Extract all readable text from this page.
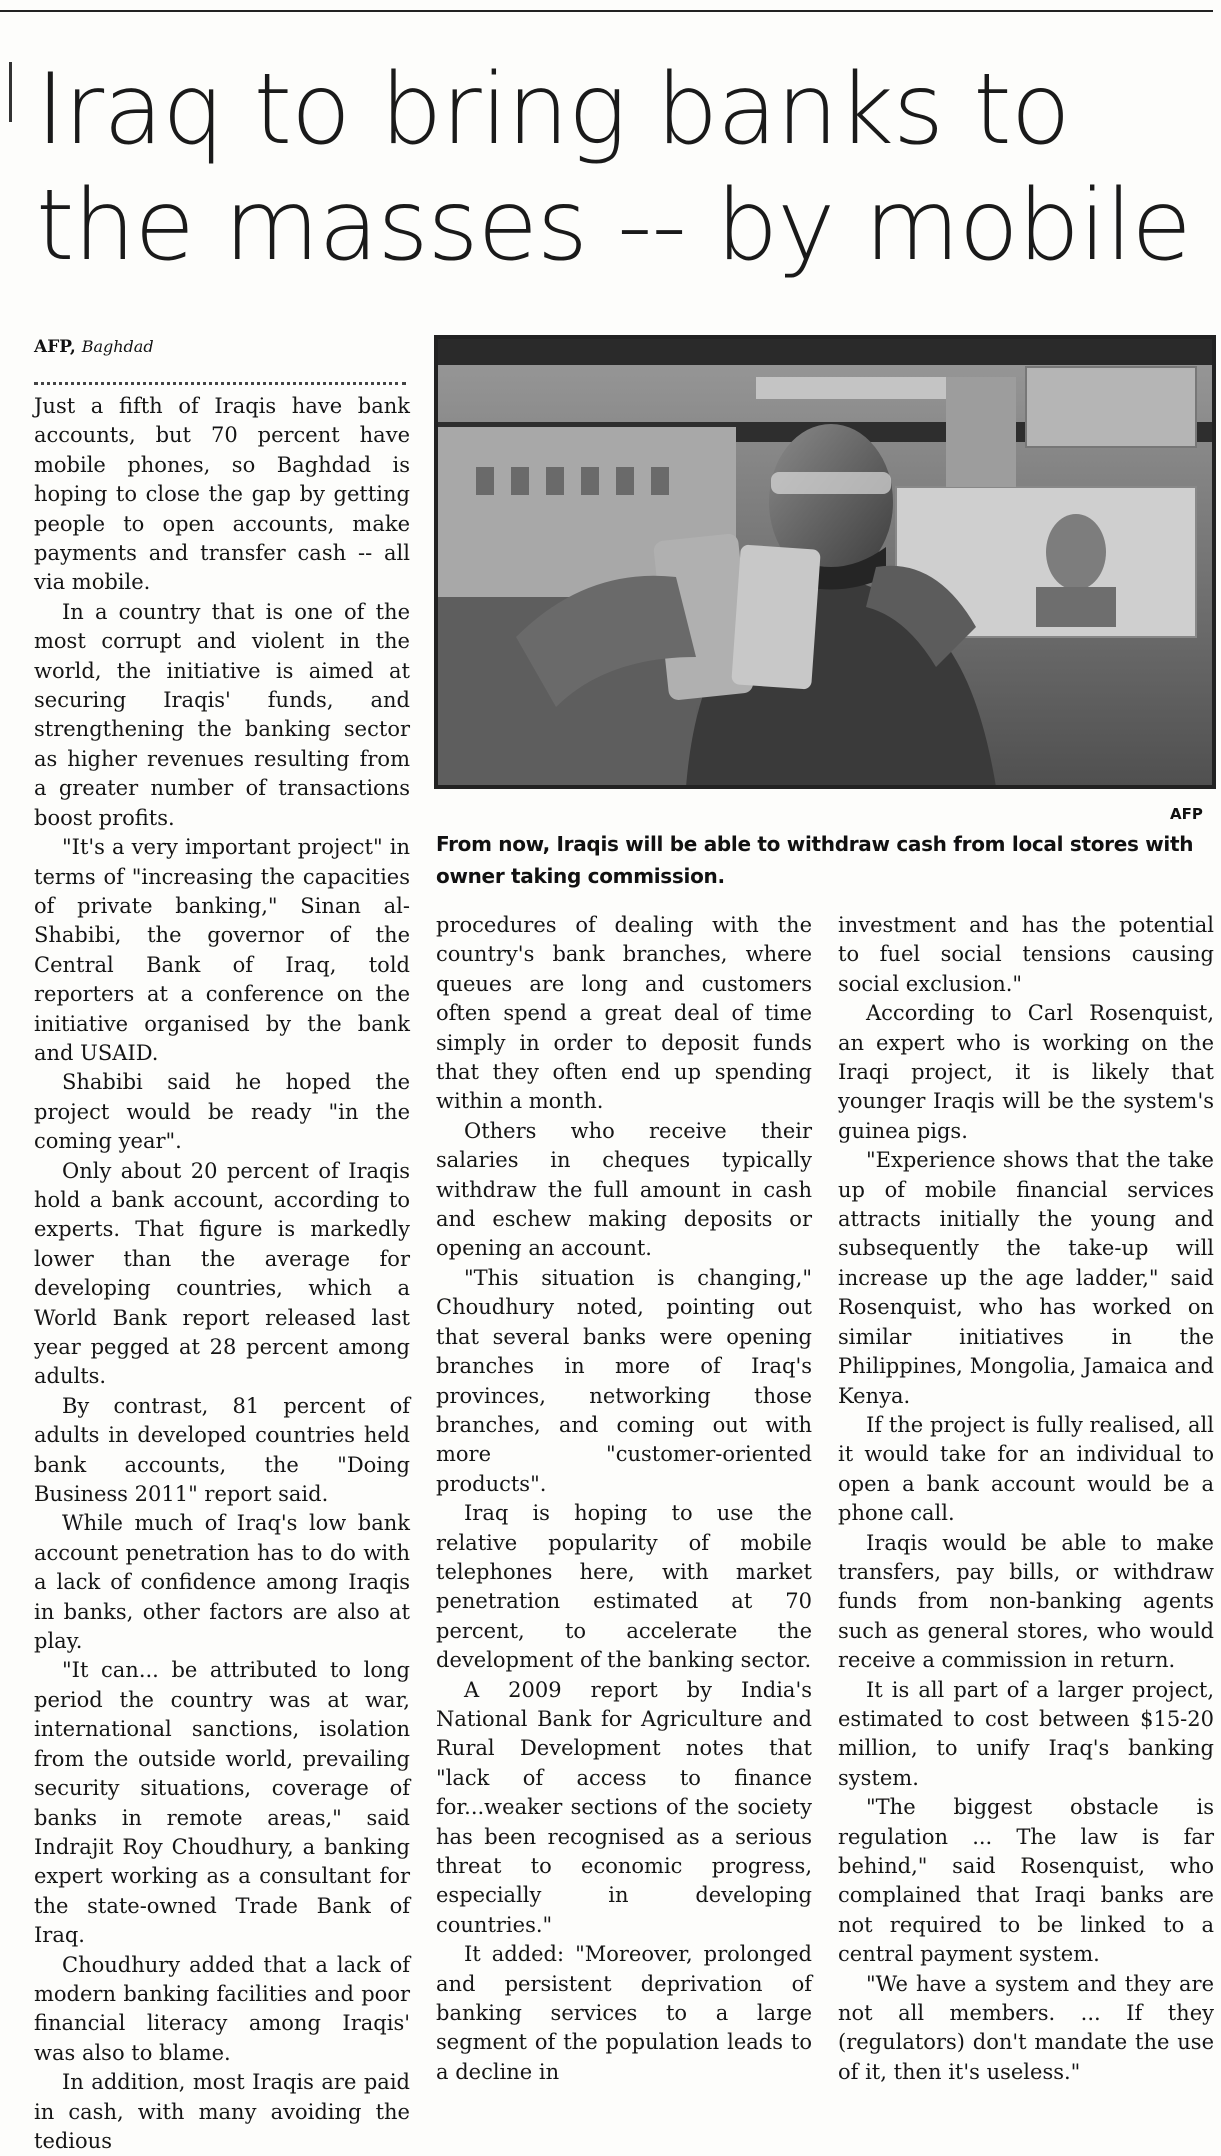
Iraq to bring banks to the masses -- by mobile
AFP, Baghdad
AFP
From now, Iraqis will be able to withdraw cash from local stores with owner taking commission.

Just a fifth of Iraqis have bank accounts, but 70 percent have mobile phones, so Baghdad is hoping to close the gap by getting people to open accounts, make payments and transfer cash -- all via mobile.

In a country that is one of the most corrupt and violent in the world, the initiative is aimed at securing Iraqis' funds, and strengthening the banking sector as higher revenues resulting from a greater number of transactions boost profits.

"It's a very important project" in terms of "increasing the capacities of private banking," Sinan al-Shabibi, the governor of the Central Bank of Iraq, told reporters at a conference on the initiative organised by the bank and USAID.

Shabibi said he hoped the project would be ready "in the coming year".

Only about 20 percent of Iraqis hold a bank account, according to experts. That figure is markedly lower than the average for developing countries, which a World Bank report released last year pegged at 28 percent among adults.

By contrast, 81 percent of adults in developed countries held bank accounts, the "Doing Business 2011" report said.

While much of Iraq's low bank account penetration has to do with a lack of confidence among Iraqis in banks, other factors are also at play.

"It can... be attributed to long period the country was at war, international sanctions, isolation from the outside world, prevailing security situations, coverage of banks in remote areas," said Indrajit Roy Choudhury, a banking expert working as a consultant for the state-owned Trade Bank of Iraq.

Choudhury added that a lack of modern banking facilities and poor financial literacy among Iraqis' was also to blame.

In addition, most Iraqis are paid in cash, with many avoiding the tedious

procedures of dealing with the country's bank branches, where queues are long and customers often spend a great deal of time simply in order to deposit funds that they often end up spending within a month.

Others who receive their salaries in cheques typically withdraw the full amount in cash and eschew making deposits or opening an account.

"This situation is changing," Choudhury noted, pointing out that several banks were opening branches in more of Iraq's provinces, networking those branches, and coming out with more "customer-oriented products".

Iraq is hoping to use the relative popularity of mobile telephones here, with market penetration estimated at 70 percent, to accelerate the development of the banking sector.

A 2009 report by India's National Bank for Agriculture and Rural Development notes that "lack of access to finance for...weaker sections of the society has been recognised as a serious threat to economic progress, especially in developing countries."

It added: "Moreover, prolonged and persistent deprivation of banking services to a large segment of the population leads to a decline in

investment and has the potential to fuel social tensions causing social exclusion."

According to Carl Rosenquist, an expert who is working on the Iraqi project, it is likely that younger Iraqis will be the system's guinea pigs.

"Experience shows that the take up of mobile financial services attracts initially the young and subsequently the take-up will increase up the age ladder," said Rosenquist, who has worked on similar initiatives in the Philippines, Mongolia, Jamaica and Kenya.

If the project is fully realised, all it would take for an individual to open a bank account would be a phone call.

Iraqis would be able to make transfers, pay bills, or withdraw funds from non-banking agents such as general stores, who would receive a commission in return.

It is all part of a larger project, estimated to cost between $15-20 million, to unify Iraq's banking system.

"The biggest obstacle is regulation ... The law is far behind," said Rosenquist, who complained that Iraqi banks are not required to be linked to a central payment system.

"We have a system and they are not all members. ... If they (regulators) don't mandate the use of it, then it's useless."
